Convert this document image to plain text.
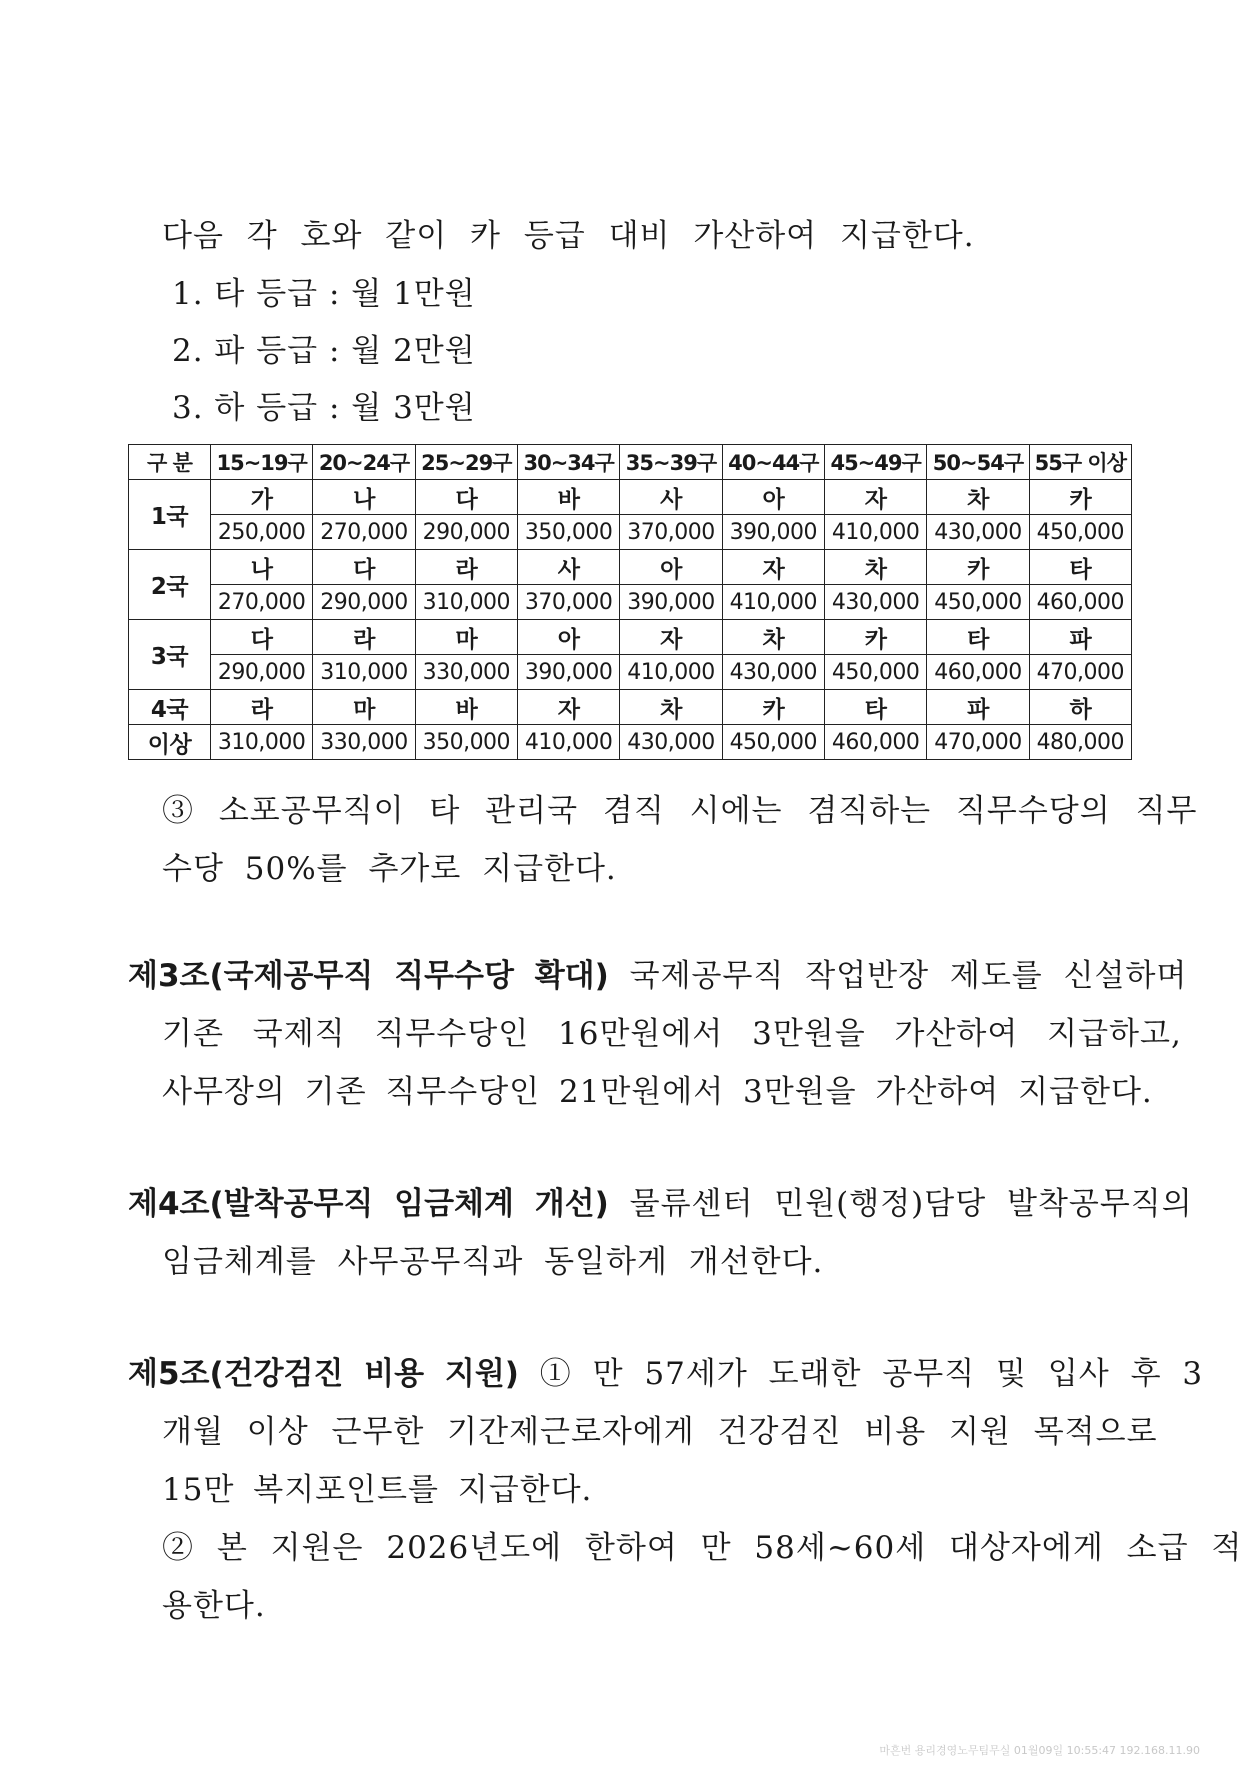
다음 각 호와 같이 카 등급 대비 가산하여 지급한다.
1. 타 등급 : 월 1만원
2. 파 등급 : 월 2만원
3. 하 등급 : 월 3만원
구 분	15~19구	20~24구	25~29구	30~34구	35~39구	40~44구	45~49구	50~54구	55구 이상
1국	가	나	다	바	사	아	자	차	카
	250,000	270,000	290,000	350,000	370,000	390,000	410,000	430,000	450,000
2국	나	다	라	사	아	자	차	카	타
	270,000	290,000	310,000	370,000	390,000	410,000	430,000	450,000	460,000
3국	다	라	마	아	자	차	카	타	파
	290,000	310,000	330,000	390,000	410,000	430,000	450,000	460,000	470,000
4국	라	마	바	자	차	카	타	파	하
이상	310,000	330,000	350,000	410,000	430,000	450,000	460,000	470,000	480,000
③ 소포공무직이 타 관리국 겸직 시에는 겸직하는 직무수당의 직무
수당 50%를 추가로 지급한다.
제3조(국제공무직 직무수당 확대) 국제공무직 작업반장 제도를 신설하며
기존 국제직 직무수당인 16만원에서 3만원을 가산하여 지급하고,
사무장의 기존 직무수당인 21만원에서 3만원을 가산하여 지급한다.
제4조(발착공무직 임금체계 개선) 물류센터 민원(행정)담당 발착공무직의
임금체계를 사무공무직과 동일하게 개선한다.
제5조(건강검진 비용 지원) ① 만 57세가 도래한 공무직 및 입사 후 3
개월 이상 근무한 기간제근로자에게 건강검진 비용 지원 목적으로
15만 복지포인트를 지급한다.
② 본 지원은 2026년도에 한하여 만 58세~60세 대상자에게 소급 적
용한다.
마흔번 용리경영노무팀무실 01월09일 10:55:47 192.168.11.90
